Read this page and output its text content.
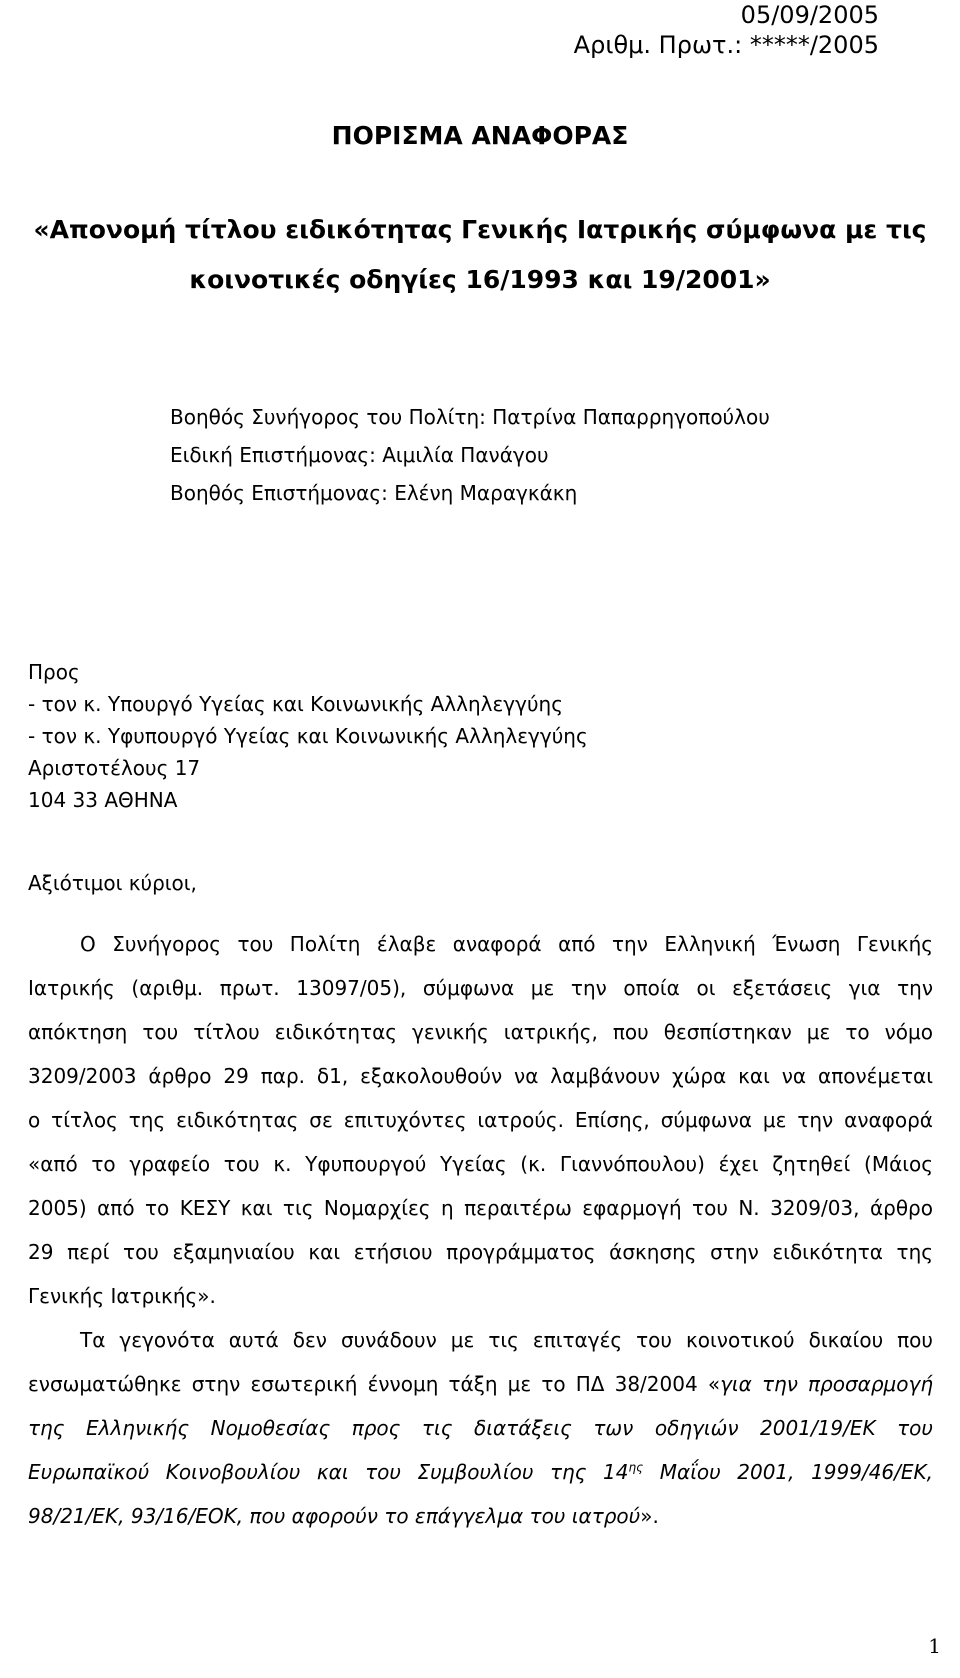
05/09/2005
Αριθμ. Πρωτ.: *****/2005
ΠΟΡΙΣΜΑ ΑΝΑΦΟΡΑΣ
«Απονομή τίτλου ειδικότητας Γενικής Ιατρικής σύμφωνα με τις
κοινοτικές οδηγίες 16/1993 και 19/2001»
Βοηθός Συνήγορος του Πολίτη: Πατρίνα Παπαρρηγοπούλου
Ειδική Επιστήμονας: Αιμιλία Πανάγου
Βοηθός Επιστήμονας: Ελένη Μαραγκάκη
Προς
- τον κ. Υπουργό Υγείας και Κοινωνικής Αλληλεγγύης
- τον κ. Υφυπουργό Υγείας και Κοινωνικής Αλληλεγγύης
Αριστοτέλους 17
104 33 ΑΘΗΝΑ
Αξιότιμοι κύριοι,
Ο Συνήγορος του Πολίτη έλαβε αναφορά από την Ελληνική Ένωση Γενικής
Ιατρικής (αριθμ. πρωτ. 13097/05), σύμφωνα με την οποία οι εξετάσεις για την
απόκτηση του τίτλου ειδικότητας γενικής ιατρικής, που θεσπίστηκαν με το νόμο
3209/2003 άρθρο 29 παρ. δ1, εξακολουθούν να λαμβάνουν χώρα και να απονέμεται
ο τίτλος της ειδικότητας σε επιτυχόντες ιατρούς. Επίσης, σύμφωνα με την αναφορά
«από το γραφείο του κ. Υφυπουργού Υγείας (κ. Γιαννόπουλου) έχει ζητηθεί (Μάιος
2005) από το ΚΕΣΥ και τις Νομαρχίες η περαιτέρω εφαρμογή του Ν. 3209/03, άρθρο
29 περί του εξαμηνιαίου και ετήσιου προγράμματος άσκησης στην ειδικότητα της
Γενικής Ιατρικής».
Τα γεγονότα αυτά δεν συνάδουν με τις επιταγές του κοινοτικού δικαίου που
ενσωματώθηκε στην εσωτερική έννομη τάξη με το ΠΔ 38/2004 «για την προσαρμογή
της Ελληνικής Νομοθεσίας προς τις διατάξεις των οδηγιών 2001/19/ΕΚ του
Ευρωπαϊκού Κοινοβουλίου και του Συμβουλίου της $14^{\eta\varsigma}$ Μαΐου 2001, 1999/46/ΕΚ,
98/21/ΕΚ, 93/16/ΕΟΚ, που αφορούν το επάγγελμα του ιατρού».
1
